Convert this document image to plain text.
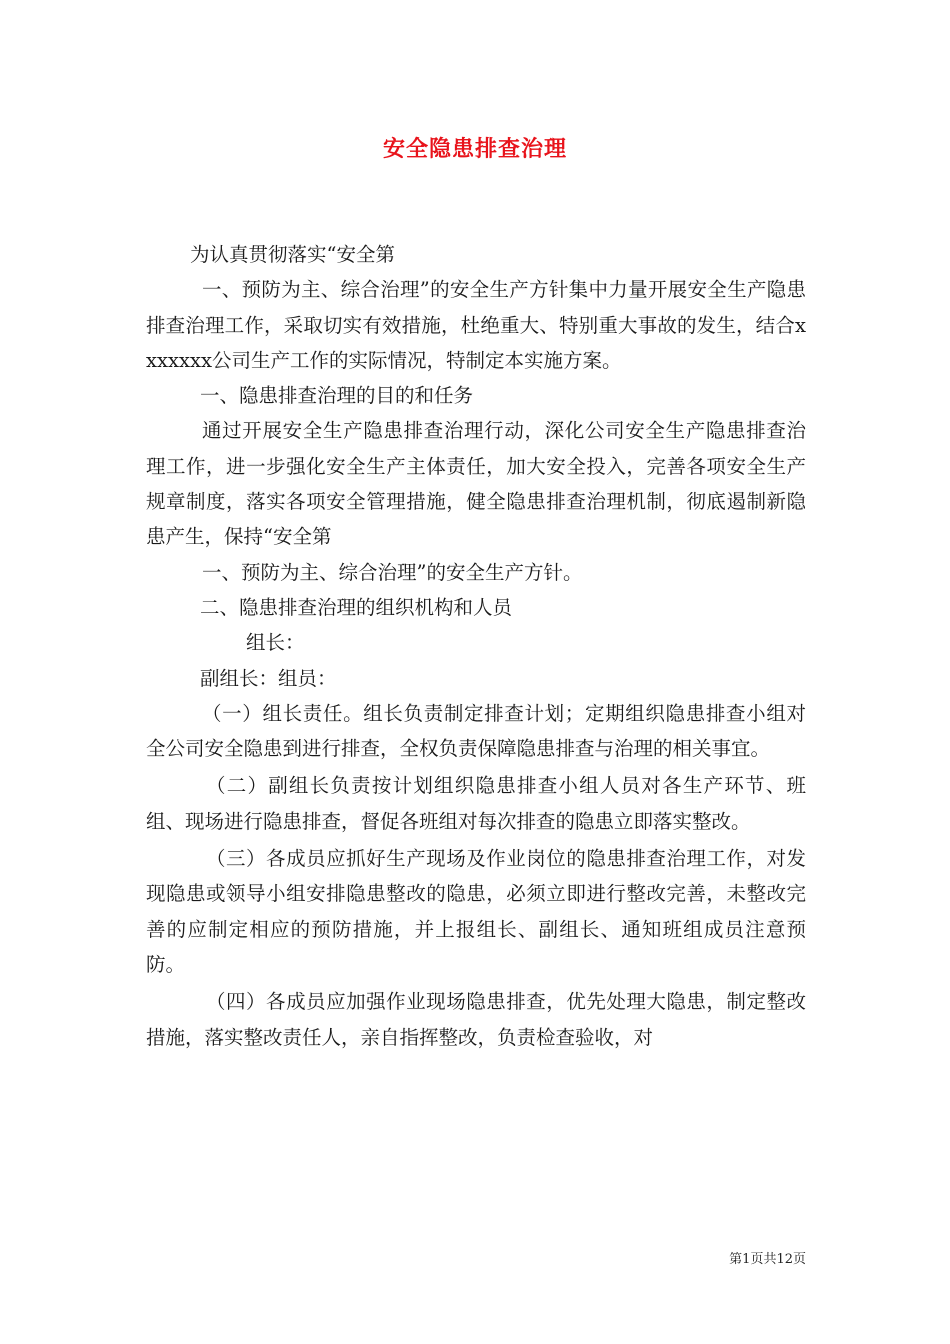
安全隐患排查治理

为认真贯彻落实“安全第

一、预防为主、综合治理”的安全生产方针集中力量开展安全生产隐患排查治理工作，采取切实有效措施，杜绝重大、特别重大事故的发生，结合xxxxxxx公司生产工作的实际情况，特制定本实施方案。

一、隐患排查治理的目的和任务

通过开展安全生产隐患排查治理行动，深化公司安全生产隐患排查治理工作，进一步强化安全生产主体责任，加大安全投入，完善各项安全生产规章制度，落实各项安全管理措施，健全隐患排查治理机制，彻底遏制新隐患产生，保持“安全第

一、预防为主、综合治理”的安全生产方针。

二、隐患排查治理的组织机构和人员

组长：

副组长：组员：

（一）组长责任。组长负责制定排查计划；定期组织隐患排查小组对全公司安全隐患到进行排查，全权负责保障隐患排查与治理的相关事宜。

（二）副组长负责按计划组织隐患排查小组人员对各生产环节、班组、现场进行隐患排查，督促各班组对每次排查的隐患立即落实整改。

（三）各成员应抓好生产现场及作业岗位的隐患排查治理工作，对发现隐患或领导小组安排隐患整改的隐患，必须立即进行整改完善，未整改完善的应制定相应的预防措施，并上报组长、副组长、通知班组成员注意预防。

（四）各成员应加强作业现场隐患排查，优先处理大隐患，制定整改措施，落实整改责任人，亲自指挥整改，负责检查验收，对

第1页共12页
